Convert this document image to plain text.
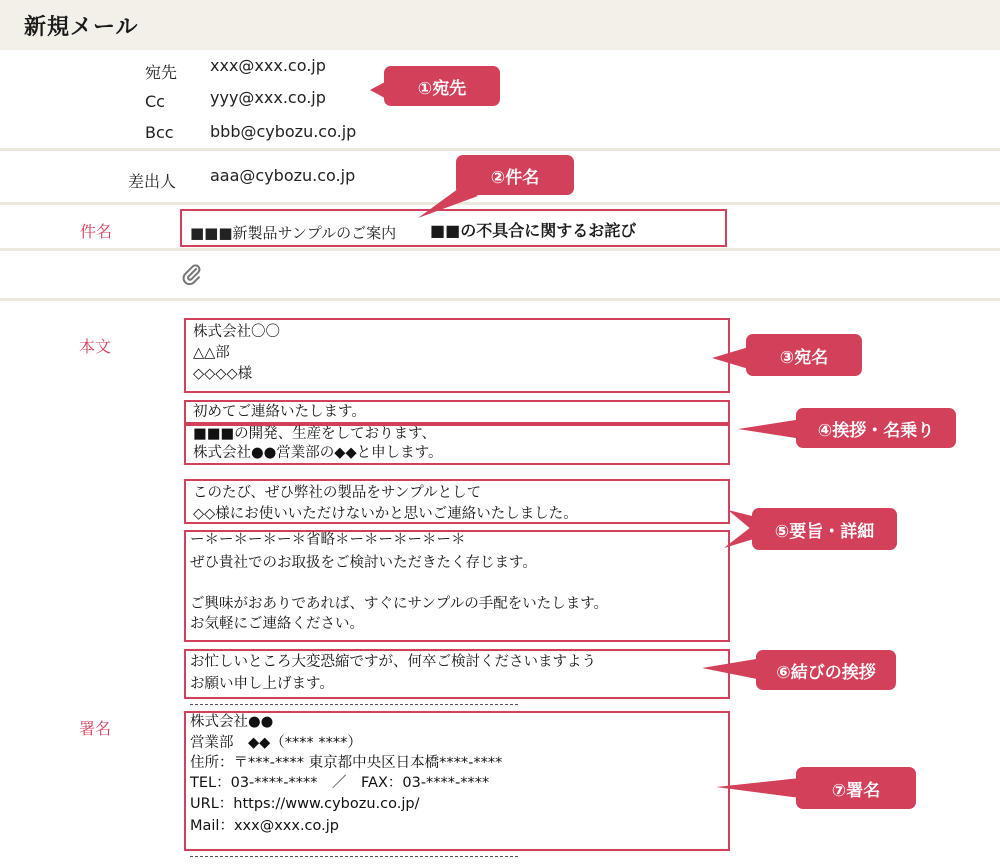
新規メール
宛先 xxx@xxx.co.jp
Cc	yyy@xxx.co.jp
Bcc bbb@cybozu.co.jp
差出人 aaa@cybozu.co.jp
件名	■■■新製品サンプルのご案内 ■■の不具合に関するお詫び
本文
株式会社〇〇
△△部
◇◇◇◇様
初めてご連絡いたします。
■■■の開発、生産をしております、
株式会社●●営業部の◆◆と申します。
このたび、ぜひ弊社の製品をサンプルとして
◇◇様にお使いいただけないかと思いご連絡いたしました。
ー＊ー＊ー＊ー＊省略＊ー＊ー＊ー＊ー＊
ぜひ貴社でのお取扱をご検討いただきたく存じます。
ご興味がおありであれば、すぐにサンプルの手配をいたします。
お気軽にご連絡ください。
お忙しいところ大変恐縮ですが、何卒ご検討くださいますよう
お願い申し上げます。
署名	株式会社●●
営業部　◆◆（**** ****）
住所：〒***-**** 東京都中央区日本橋****-****
TEL：03-****-****　／　FAX：03-****-****
URL：https://www.cybozu.co.jp/
Mail：xxx@xxx.co.jp
①宛先
②件名
③宛名
④挨拶・名乗り
⑤要旨・詳細
⑥結びの挨拶
⑦署名
